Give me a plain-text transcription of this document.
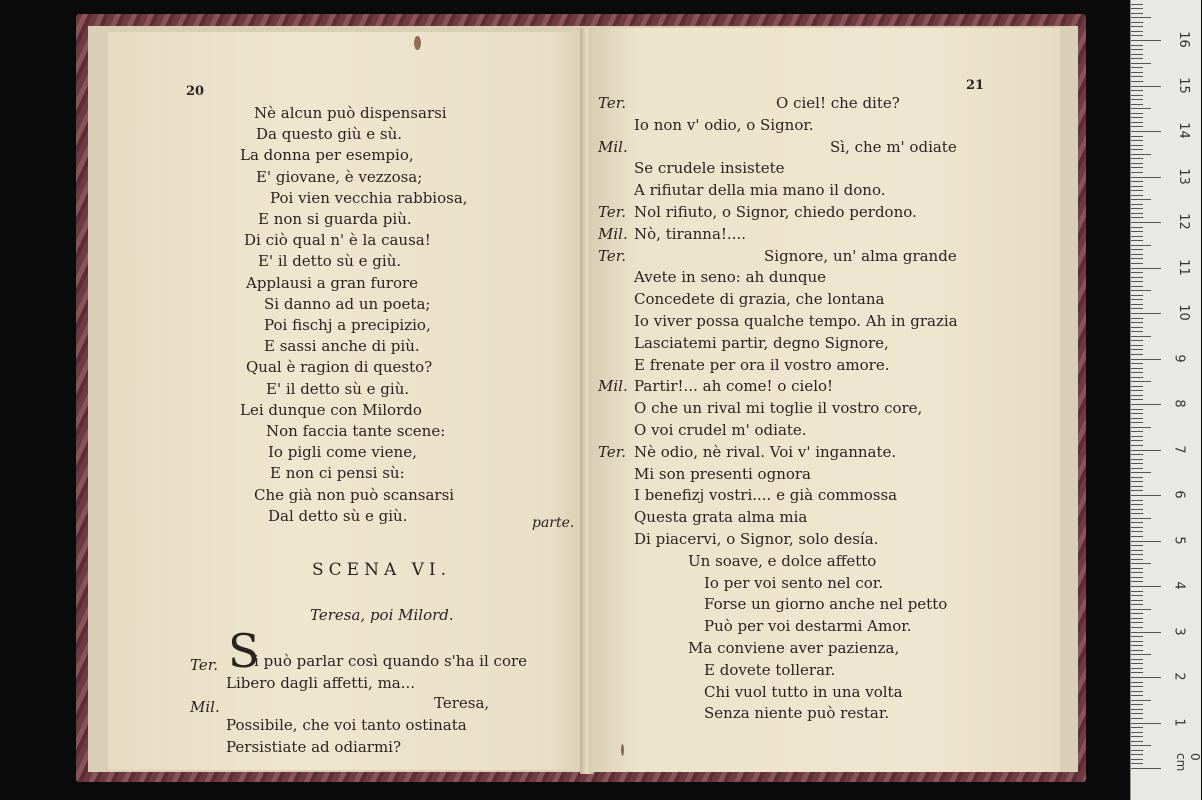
20
Nè alcun può dispensarsi
Da questo giù e sù.
La donna per esempio,
E' giovane, è vezzosa;
Poi vien vecchia rabbiosa,
E non si guarda più.
Di ciò qual n' è la causa!
E' il detto sù e giù.
Applausi a gran furore
Si danno ad un poeta;
Poi fischj a precipizio,
E sassi anche di più.
Qual è ragion di questo?
E' il detto sù e giù.
Lei dunque con Milordo
Non faccia tante scene:
Io pigli come viene,
E non ci pensi sù:
Che già non può scansarsi
Dal detto sù e giù.	parte.
SCENA VI.
Teresa, poi Milord.
Ter. S
i può parlar così quando s'ha il core
Libero dagli affetti, ma...
Mil.	Teresa,
Possibile, che voi tanto ostinata
Persistiate ad odiarmi?
21
Ter.	O ciel! che dite?
Io non v' odio, o Signor.
Mil.	Sì, che m' odiate
Se crudele insistete
A rifiutar della mia mano il dono.
Ter. Nol rifiuto, o Signor, chiedo perdono.
Mil. Nò, tiranna!....
Ter.	Signore, un' alma grande
Avete in seno: ah dunque
Concedete di grazia, che lontana
Io viver possa qualche tempo. Ah in grazia
Lasciatemi partir, degno Signore,
E frenate per ora il vostro amore.
Mil. Partir!... ah come! o cielo!
O che un rival mi toglie il vostro core,
O voi crudel m' odiate.
Ter. Nè odio, nè rival. Voi v' ingannate.
Mi son presenti ognora
I benefizj vostri.... e già commossa
Questa grata alma mia
Di piacervi, o Signor, solo desía.
Un soave, e dolce affetto
Io per voi sento nel cor.
Forse un giorno anche nel petto
Può per voi destarmi Amor.
Ma conviene aver pazienza,
E dovete tollerar.
Chi vuol tutto in una volta
Senza niente può restar.	1
2
3
4
5
6
7
8
9
10
11
12
13
14
15
16
0 cm
